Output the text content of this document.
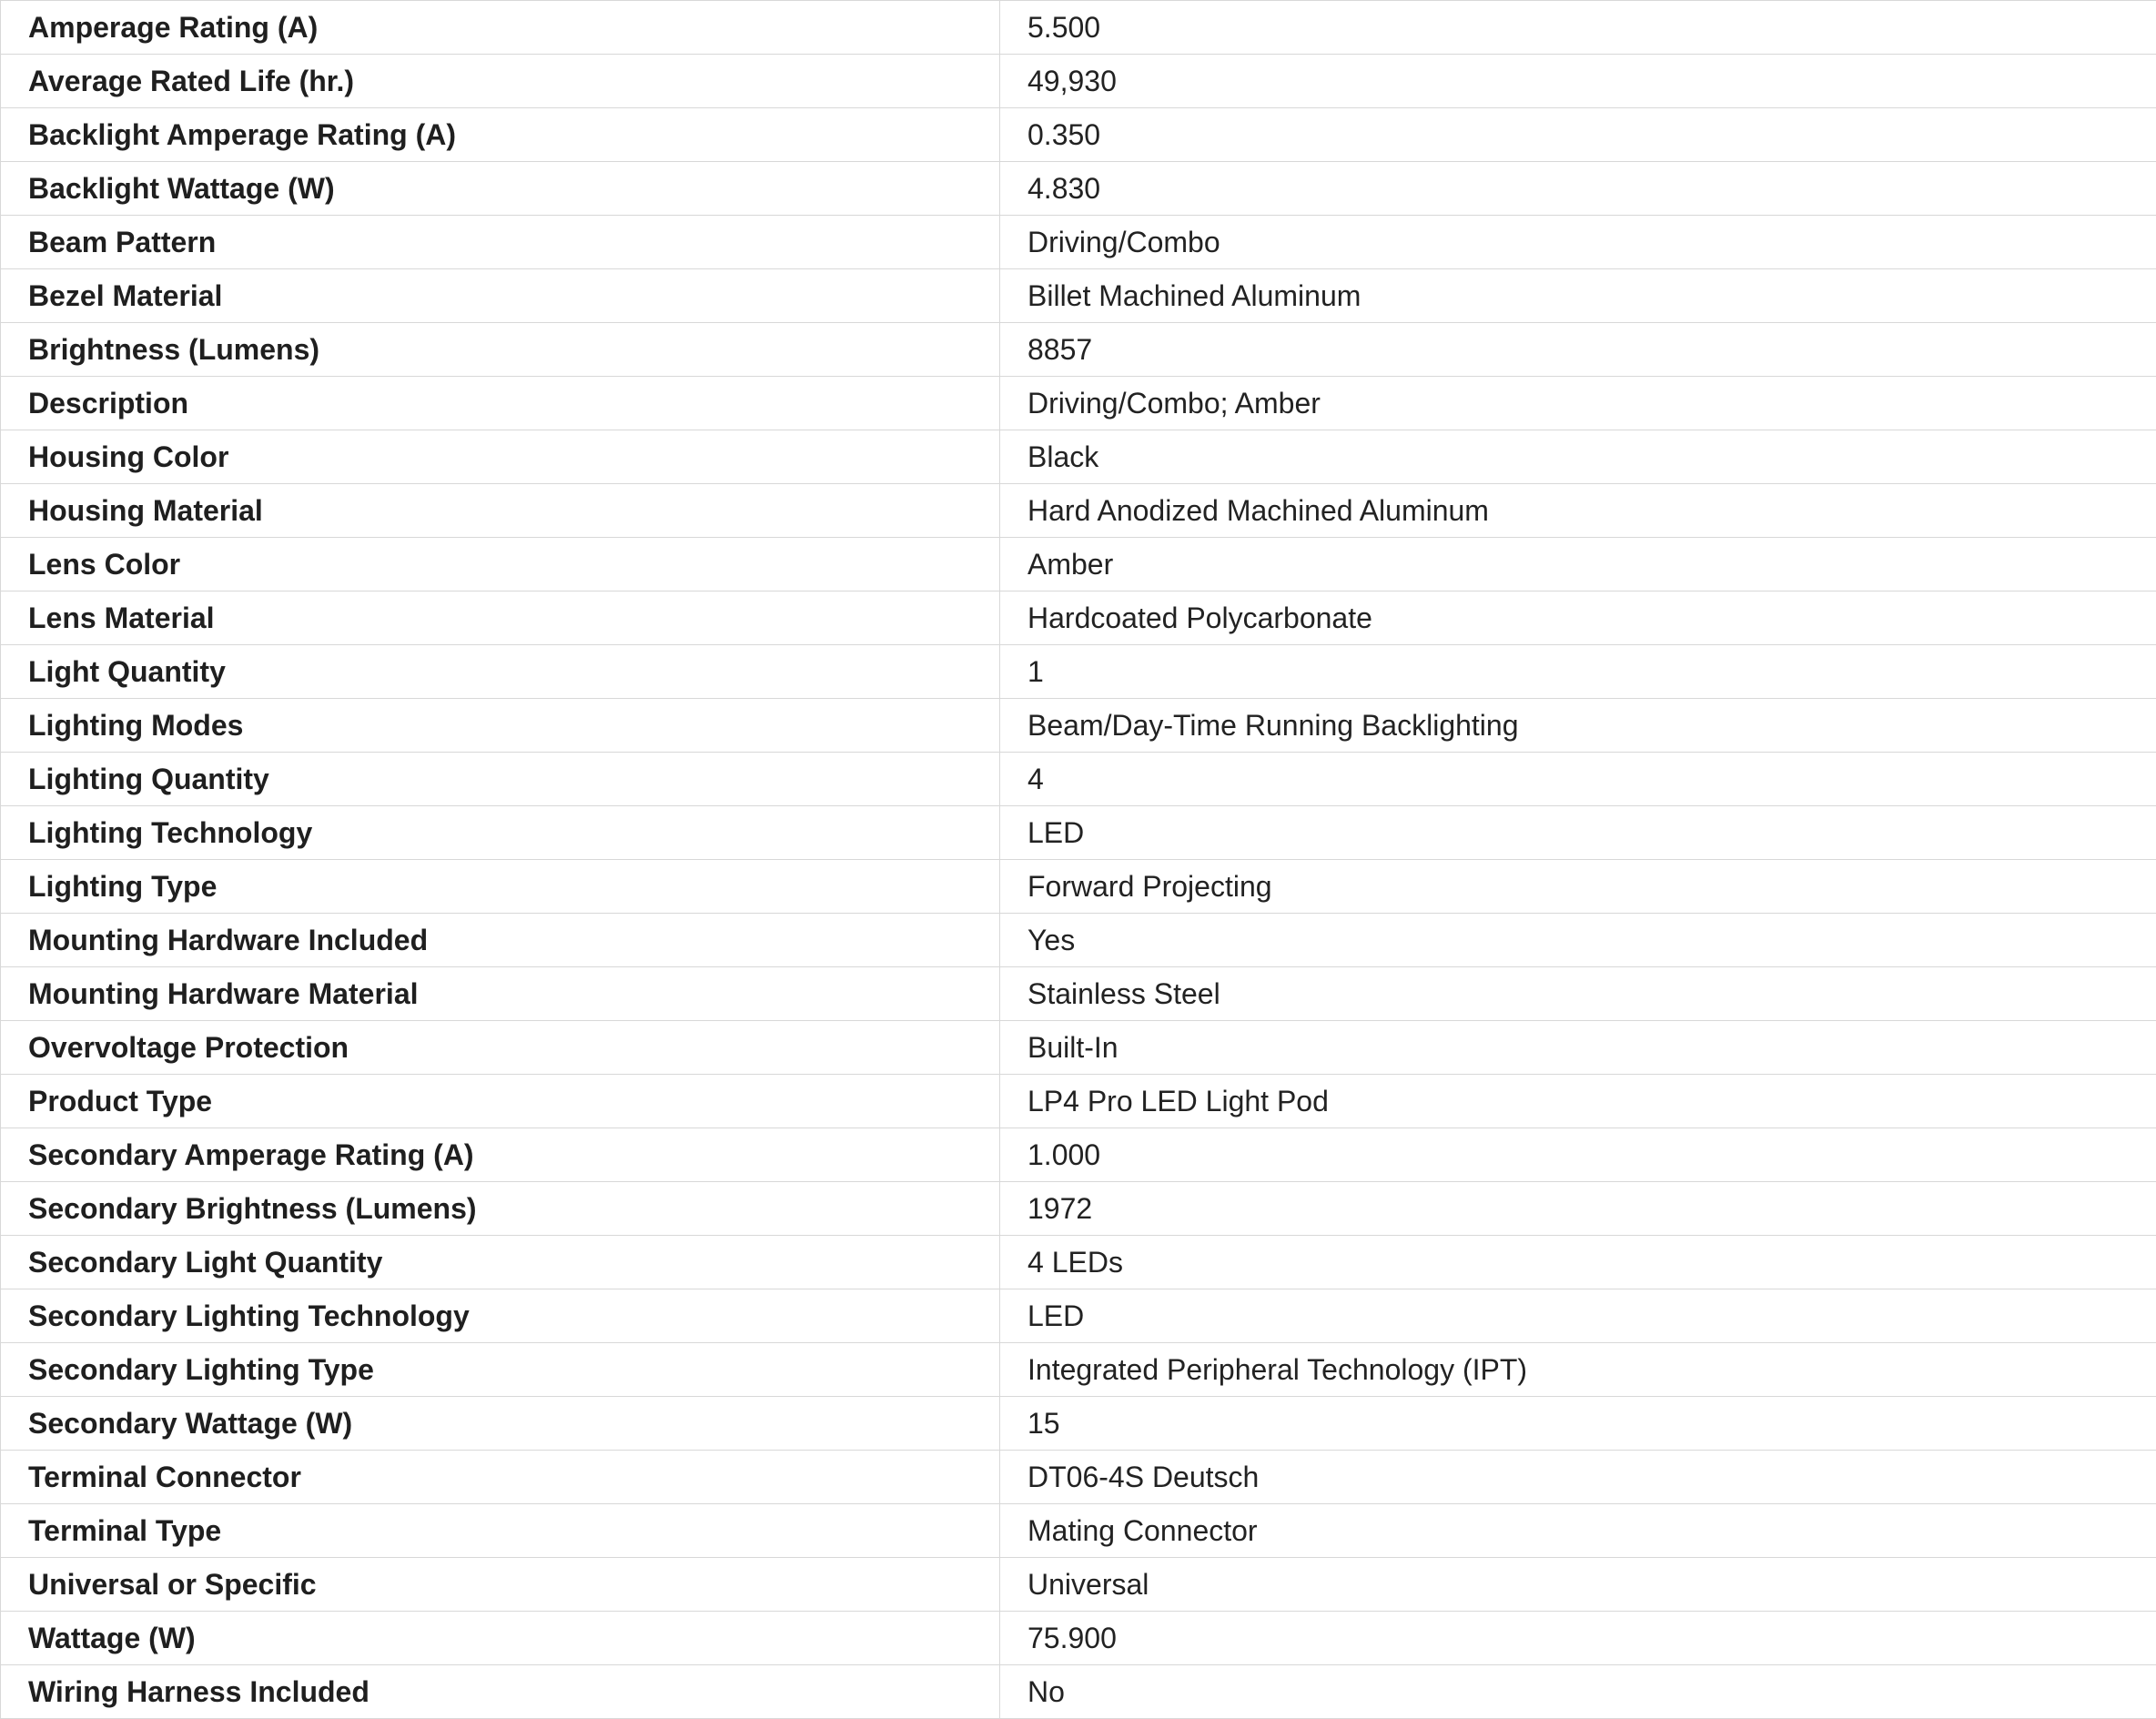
Amperage Rating (A)	5.500
Average Rated Life (hr.)	49,930
Backlight Amperage Rating (A)	0.350
Backlight Wattage (W)	4.830
Beam Pattern	Driving/Combo
Bezel Material	Billet Machined Aluminum
Brightness (Lumens)	8857
Description	Driving/Combo; Amber
Housing Color	Black
Housing Material	Hard Anodized Machined Aluminum
Lens Color	Amber
Lens Material	Hardcoated Polycarbonate
Light Quantity	1
Lighting Modes	Beam/Day-Time Running Backlighting
Lighting Quantity	4
Lighting Technology	LED
Lighting Type	Forward Projecting
Mounting Hardware Included	Yes
Mounting Hardware Material	Stainless Steel
Overvoltage Protection	Built-In
Product Type	LP4 Pro LED Light Pod
Secondary Amperage Rating (A)	1.000
Secondary Brightness (Lumens)	1972
Secondary Light Quantity	4 LEDs
Secondary Lighting Technology	LED
Secondary Lighting Type	Integrated Peripheral Technology (IPT)
Secondary Wattage (W)	15
Terminal Connector	DT06-4S Deutsch
Terminal Type	Mating Connector
Universal or Specific	Universal
Wattage (W)	75.900
Wiring Harness Included	No
